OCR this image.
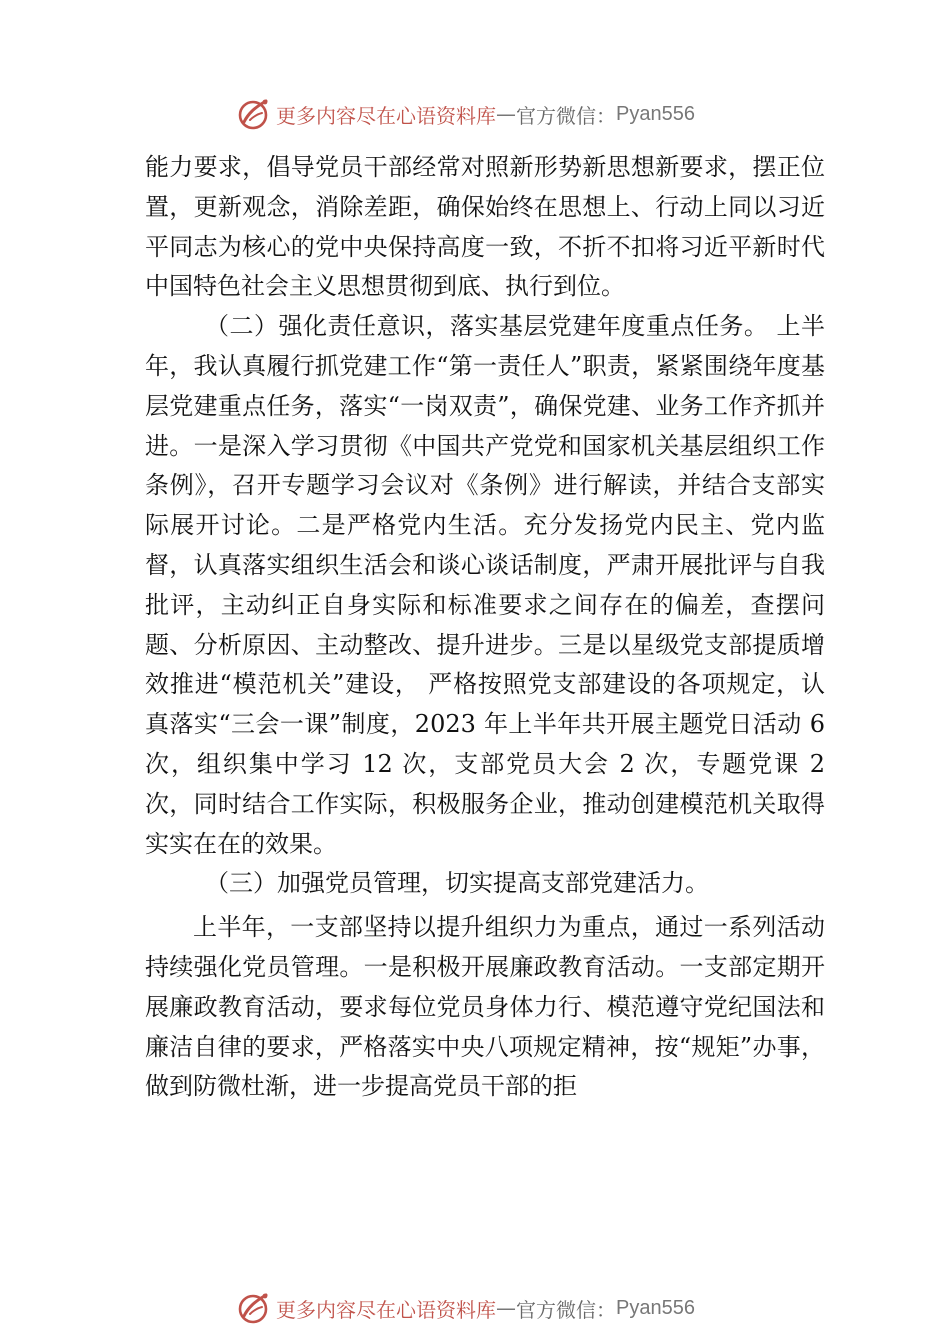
更多内容尽在心语资料库 — 官方微信： Pyan556

能力要求，倡导党员干部经常对照新形势新思想新要求，摆正位置，更新观念，消除差距，确保始终在思想上、行动上同以习近平同志为核心的党中央保持高度一致，不折不扣将习近平新时代中国特色社会主义思想贯彻到底、执行到位。

（二）强化责任意识，落实基层党建年度重点任务。 上半年，我认真履行抓党建工作“第一责任人”职责，紧紧围绕年度基层党建重点任务，落实“一岗双责”，确保党建、业务工作齐抓并进。一是深入学习贯彻《中国共产党党和国家机关基层组织工作条例》，召开专题学习会议对《条例》进行解读，并结合支部实际展开讨论。二是严格党内生活。充分发扬党内民主、党内监督，认真落实组织生活会和谈心谈话制度，严肃开展批评与自我批评，主动纠正自身实际和标准要求之间存在的偏差，查摆问题、分析原因、主动整改、提升进步。三是以星级党支部提质增效推进“模范机关”建设， 严格按照党支部建设的各项规定，认真落实“三会一课”制度，2023 年上半年共开展主题党日活动 6 次，组织集中学习 12 次，支部党员大会 2 次，专题党课 2 次，同时结合工作实际，积极服务企业，推动创建模范机关取得实实在在的效果。

（三）加强党员管理，切实提高支部党建活力。

上半年，一支部坚持以提升组织力为重点，通过一系列活动持续强化党员管理。一是积极开展廉政教育活动。一支部定期开展廉政教育活动，要求每位党员身体力行、模范遵守党纪国法和廉洁自律的要求，严格落实中央八项规定精神，按“规矩”办事，做到防微杜渐，进一步提高党员干部的拒

更多内容尽在心语资料库 — 官方微信： Pyan556
